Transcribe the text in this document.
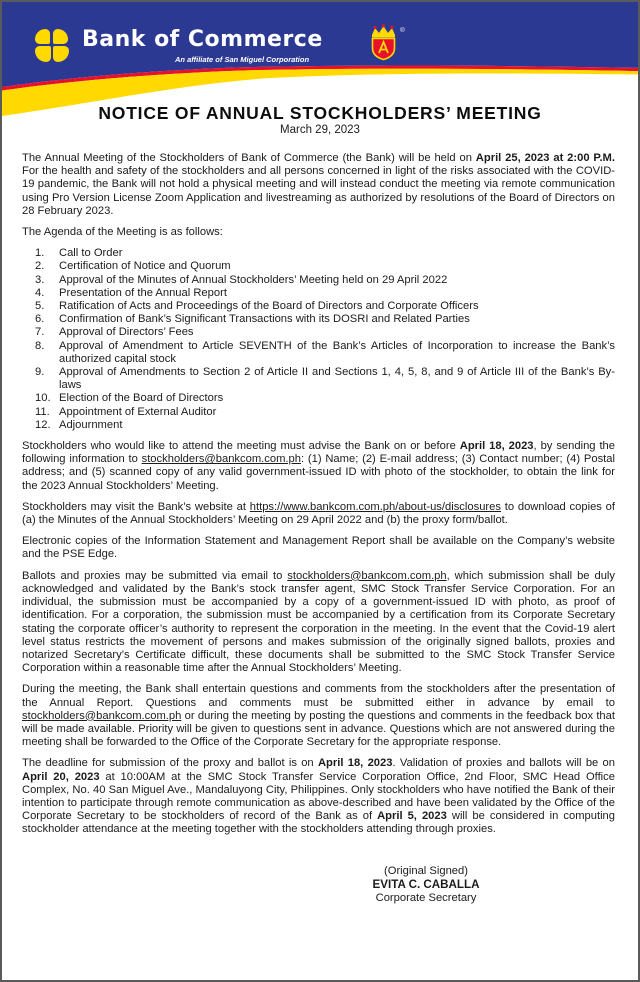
Bank of Commerce
An affiliate of San Miguel Corporation
®
NOTICE OF ANNUAL STOCKHOLDERS’ MEETING
March 29, 2023

The Annual Meeting of the Stockholders of Bank of Commerce (the Bank) will be held on April 25, 2023 at 2:00 P.M. For the health and safety of the stockholders and all persons concerned in light of the risks associated with the COVID-19 pandemic, the Bank will not hold a physical meeting and will instead conduct the meeting via remote communication using Pro Version License Zoom Application and livestreaming as authorized by resolutions of the Board of Directors on 28 February 2023.

The Agenda of the Meeting is as follows:

1.	Call to Order
2.	Certification of Notice and Quorum
3.	Approval of the Minutes of Annual Stockholders’ Meeting held on 29 April 2022
4.	Presentation of the Annual Report
5.	Ratification of Acts and Proceedings of the Board of Directors and Corporate Officers
6.	Confirmation of Bank’s Significant Transactions with its DOSRI and Related Parties
7.	Approval of Directors’ Fees
8.	Approval of Amendment to Article SEVENTH of the Bank’s Articles of Incorporation to increase the Bank’s authorized capital stock
9.	Approval of Amendments to Section 2 of Article II and Sections 1, 4, 5, 8, and 9 of Article III of the Bank’s By-laws
10. Election of the Board of Directors
11. Appointment of External Auditor
12. Adjournment

Stockholders who would like to attend the meeting must advise the Bank on or before April 18, 2023, by sending the following information to stockholders@bankcom.com.ph: (1) Name; (2) E-mail address; (3) Contact number; (4) Postal address; and (5) scanned copy of any valid government-issued ID with photo of the stockholder, to obtain the link for the 2023 Annual Stockholders’ Meeting.

Stockholders may visit the Bank’s website at https://www.bankcom.com.ph/about-us/disclosures to download copies of (a) the Minutes of the Annual Stockholders’ Meeting on 29 April 2022 and (b) the proxy form/ballot.

Electronic copies of the Information Statement and Management Report shall be available on the Company’s website and the PSE Edge.

Ballots and proxies may be submitted via email to stockholders@bankcom.com.ph, which submission shall be duly acknowledged and validated by the Bank’s stock transfer agent, SMC Stock Transfer Service Corporation. For an individual, the submission must be accompanied by a copy of a government-issued ID with photo, as proof of identification. For a corporation, the submission must be accompanied by a certification from its Corporate Secretary stating the corporate officer’s authority to represent the corporation in the meeting. In the event that the Covid-19 alert level status restricts the movement of persons and makes submission of the originally signed ballots, proxies and notarized Secretary’s Certificate difficult, these documents shall be submitted to the SMC Stock Transfer Service Corporation within a reasonable time after the Annual Stockholders’ Meeting.

During the meeting, the Bank shall entertain questions and comments from the stockholders after the presentation of the Annual Report. Questions and comments must be submitted either in advance by email to stockholders@bankcom.com.ph or during the meeting by posting the questions and comments in the feedback box that will be made available. Priority will be given to questions sent in advance. Questions which are not answered during the meeting shall be forwarded to the Office of the Corporate Secretary for the appropriate response.

The deadline for submission of the proxy and ballot is on April 18, 2023. Validation of proxies and ballots will be on April 20, 2023 at 10:00AM at the SMC Stock Transfer Service Corporation Office, 2nd Floor, SMC Head Office Complex, No. 40 San Miguel Ave., Mandaluyong City, Philippines. Only stockholders who have notified the Bank of their intention to participate through remote communication as above-described and have been validated by the Office of the Corporate Secretary to be stockholders of record of the Bank as of April 5, 2023 will be considered in computing stockholder attendance at the meeting together with the stockholders attending through proxies.

(Original Signed)
EVITA C. CABALLA
Corporate Secretary
